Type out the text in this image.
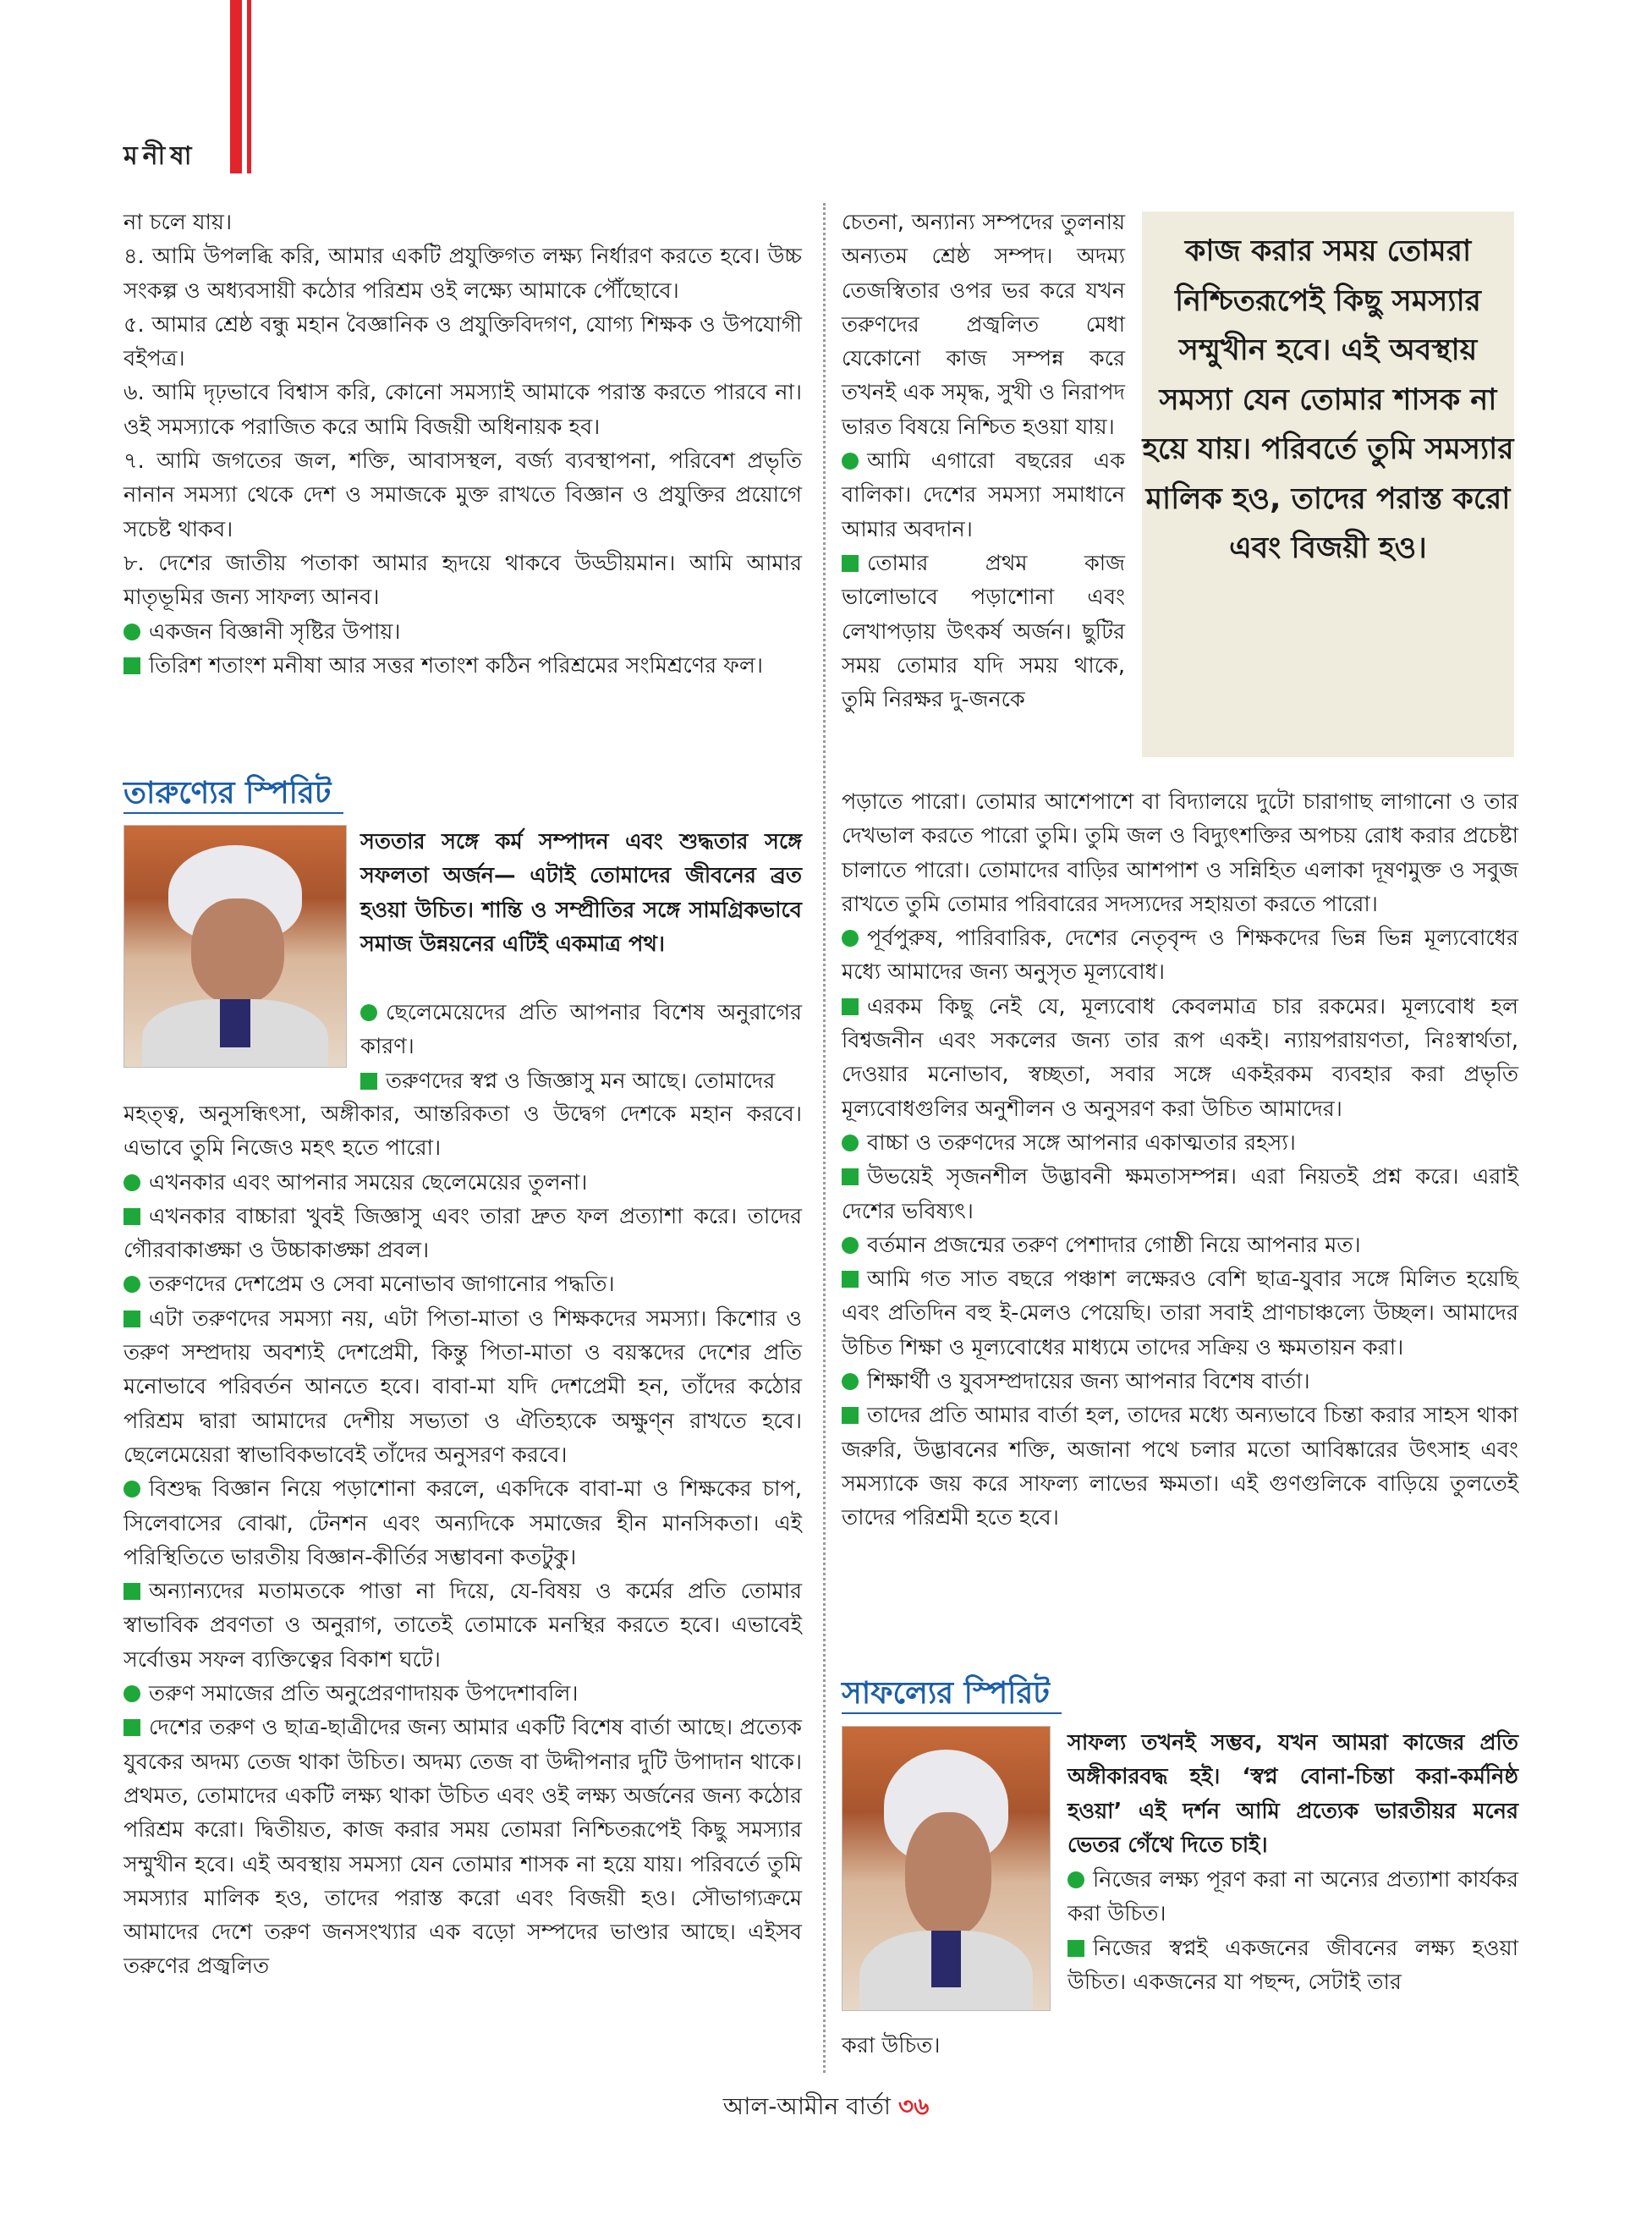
মনীষা

না চলে যায়।

৪. আমি উপলব্ধি করি, আমার একটি প্রযুক্তিগত লক্ষ্য নির্ধারণ করতে হবে। উচ্চ সংকল্প ও অধ্যবসায়ী কঠোর পরিশ্রম ওই লক্ষ্যে আমাকে পৌঁছোবে।

৫. আমার শ্রেষ্ঠ বন্ধু মহান বৈজ্ঞানিক ও প্রযুক্তিবিদগণ, যোগ্য শিক্ষক ও উপযোগী বইপত্র।

৬. আমি দৃঢ়ভাবে বিশ্বাস করি, কোনো সমস্যাই আমাকে পরাস্ত করতে পারবে না। ওই সমস্যাকে পরাজিত করে আমি বিজয়ী অধিনায়ক হব।

৭. আমি জগতের জল, শক্তি, আবাসস্থল, বর্জ্য ব্যবস্থাপনা, পরিবেশ প্রভৃতি নানান সমস্যা থেকে দেশ ও সমাজকে মুক্ত রাখতে বিজ্ঞান ও প্রযুক্তির প্রয়োগে সচেষ্ট থাকব।

৮. দেশের জাতীয় পতাকা আমার হৃদয়ে থাকবে উড্ডীয়মান। আমি আমার মাতৃভূমির জন্য সাফল্য আনব।

একজন বিজ্ঞানী সৃষ্টির উপায়।

তিরিশ শতাংশ মনীষা আর সত্তর শতাংশ কঠিন পরিশ্রমের সংমিশ্রণের ফল।

তারুণ্যের স্পিরিট
সততার সঙ্গে কর্ম সম্পাদন এবং শুদ্ধতার সঙ্গে সফলতা অর্জন— এটাই তোমাদের জীবনের ব্রত হওয়া উচিত। শান্তি ও সম্প্রীতির সঙ্গে সামগ্রিকভাবে সমাজ উন্নয়নের এটিই একমাত্র পথ।

ছেলেমেয়েদের প্রতি আপনার বিশেষ অনুরাগের কারণ।

তরুণদের স্বপ্ন ও জিজ্ঞাসু মন আছে। তোমাদের

মহত্ত্ব, অনুসন্ধিৎসা, অঙ্গীকার, আন্তরিকতা ও উদ্বেগ দেশকে মহান করবে। এভাবে তুমি নিজেও মহৎ হতে পারো।

এখনকার এবং আপনার সময়ের ছেলেমেয়ের তুলনা।

এখনকার বাচ্চারা খুবই জিজ্ঞাসু এবং তারা দ্রুত ফল প্রত্যাশা করে। তাদের গৌরবাকাঙ্ক্ষা ও উচ্চাকাঙ্ক্ষা প্রবল।

তরুণদের দেশপ্রেম ও সেবা মনোভাব জাগানোর পদ্ধতি।

এটা তরুণদের সমস্যা নয়, এটা পিতা-মাতা ও শিক্ষকদের সমস্যা। কিশোর ও তরুণ সম্প্রদায় অবশ্যই দেশপ্রেমী, কিন্তু পিতা-মাতা ও বয়স্কদের দেশের প্রতি মনোভাবে পরিবর্তন আনতে হবে। বাবা-মা যদি দেশপ্রেমী হন, তাঁদের কঠোর পরিশ্রম দ্বারা আমাদের দেশীয় সভ্যতা ও ঐতিহ্যকে অক্ষুণ্ন রাখতে হবে। ছেলেমেয়েরা স্বাভাবিকভাবেই তাঁদের অনুসরণ করবে।

বিশুদ্ধ বিজ্ঞান নিয়ে পড়াশোনা করলে, একদিকে বাবা-মা ও শিক্ষকের চাপ, সিলেবাসের বোঝা, টেনশন এবং অন্যদিকে সমাজের হীন মানসিকতা। এই পরিস্থিতিতে ভারতীয় বিজ্ঞান-কীর্তির সম্ভাবনা কতটুকু।

অন্যান্যদের মতামতকে পাত্তা না দিয়ে, যে-বিষয় ও কর্মের প্রতি তোমার স্বাভাবিক প্রবণতা ও অনুরাগ, তাতেই তোমাকে মনস্থির করতে হবে। এভাবেই সর্বোত্তম সফল ব্যক্তিত্বের বিকাশ ঘটে।

তরুণ সমাজের প্রতি অনুপ্রেরণাদায়ক উপদেশাবলি।

দেশের তরুণ ও ছাত্র-ছাত্রীদের জন্য আমার একটি বিশেষ বার্তা আছে। প্রত্যেক যুবকের অদম্য তেজ থাকা উচিত। অদম্য তেজ বা উদ্দীপনার দুটি উপাদান থাকে। প্রথমত, তোমাদের একটি লক্ষ্য থাকা উচিত এবং ওই লক্ষ্য অর্জনের জন্য কঠোর পরিশ্রম করো। দ্বিতীয়ত, কাজ করার সময় তোমরা নিশ্চিতরূপেই কিছু সমস্যার সম্মুখীন হবে। এই অবস্থায় সমস্যা যেন তোমার শাসক না হয়ে যায়। পরিবর্তে তুমি সমস্যার মালিক হও, তাদের পরাস্ত করো এবং বিজয়ী হও। সৌভাগ্যক্রমে আমাদের দেশে তরুণ জনসংখ্যার এক বড়ো সম্পদের ভাণ্ডার আছে। এইসব তরুণের প্রজ্বলিত

চেতনা, অন্যান্য সম্পদের তুলনায় অন্যতম শ্রেষ্ঠ সম্পদ। অদম্য তেজস্বিতার ওপর ভর করে যখন তরুণদের প্রজ্বলিত মেধা যেকোনো কাজ সম্পন্ন করে তখনই এক সমৃদ্ধ, সুখী ও নিরাপদ ভারত বিষয়ে নিশ্চিত হওয়া যায়।

আমি এগারো বছরের এক বালিকা। দেশের সমস্যা সমাধানে আমার অবদান।

তোমার প্রথম কাজ ভালোভাবে পড়াশোনা এবং লেখাপড়ায় উৎকর্ষ অর্জন। ছুটির সময় তোমার যদি সময় থাকে, তুমি নিরক্ষর দু-জনকে

কাজ করার সময় তোমরা নিশ্চিতরূপেই কিছু সমস্যার সম্মুখীন হবে। এই অবস্থায় সমস্যা যেন তোমার শাসক না হয়ে যায়। পরিবর্তে তুমি সমস্যার মালিক হও, তাদের পরাস্ত করো এবং বিজয়ী হও।

পড়াতে পারো। তোমার আশেপাশে বা বিদ্যালয়ে দুটো চারাগাছ লাগানো ও তার দেখভাল করতে পারো তুমি। তুমি জল ও বিদ্যুৎশক্তির অপচয় রোধ করার প্রচেষ্টা চালাতে পারো। তোমাদের বাড়ির আশপাশ ও সন্নিহিত এলাকা দূষণমুক্ত ও সবুজ রাখতে তুমি তোমার পরিবারের সদস্যদের সহায়তা করতে পারো।

পূর্বপুরুষ, পারিবারিক, দেশের নেতৃবৃন্দ ও শিক্ষকদের ভিন্ন ভিন্ন মূল্যবোধের মধ্যে আমাদের জন্য অনুসৃত মূল্যবোধ।

এরকম কিছু নেই যে, মূল্যবোধ কেবলমাত্র চার রকমের। মূল্যবোধ হল বিশ্বজনীন এবং সকলের জন্য তার রূপ একই। ন্যায়পরায়ণতা, নিঃস্বার্থতা, দেওয়ার মনোভাব, স্বচ্ছতা, সবার সঙ্গে একইরকম ব্যবহার করা প্রভৃতি মূল্যবোধগুলির অনুশীলন ও অনুসরণ করা উচিত আমাদের।

বাচ্চা ও তরুণদের সঙ্গে আপনার একাত্মতার রহস্য।

উভয়েই সৃজনশীল উদ্ভাবনী ক্ষমতাসম্পন্ন। এরা নিয়তই প্রশ্ন করে। এরাই দেশের ভবিষ্যৎ।

বর্তমান প্রজন্মের তরুণ পেশাদার গোষ্ঠী নিয়ে আপনার মত।

আমি গত সাত বছরে পঞ্চাশ লক্ষেরও বেশি ছাত্র-যুবার সঙ্গে মিলিত হয়েছি এবং প্রতিদিন বহু ই-মেলও পেয়েছি। তারা সবাই প্রাণচাঞ্চল্যে উচ্ছল। আমাদের উচিত শিক্ষা ও মূল্যবোধের মাধ্যমে তাদের সক্রিয় ও ক্ষমতায়ন করা।

শিক্ষার্থী ও যুবসম্প্রদায়ের জন্য আপনার বিশেষ বার্তা।

তাদের প্রতি আমার বার্তা হল, তাদের মধ্যে অন্যভাবে চিন্তা করার সাহস থাকা জরুরি, উদ্ভাবনের শক্তি, অজানা পথে চলার মতো আবিষ্কারের উৎসাহ এবং সমস্যাকে জয় করে সাফল্য লাভের ক্ষমতা। এই গুণগুলিকে বাড়িয়ে তুলতেই তাদের পরিশ্রমী হতে হবে।

সাফল্যের স্পিরিট
সাফল্য তখনই সম্ভব, যখন আমরা কাজের প্রতি অঙ্গীকারবদ্ধ হই। ‘স্বপ্ন বোনা-চিন্তা করা-কর্মনিষ্ঠ হওয়া’ এই দর্শন আমি প্রত্যেক ভারতীয়র মনের ভেতর গেঁথে দিতে চাই।

নিজের লক্ষ্য পূরণ করা না অন্যের প্রত্যাশা কার্যকর করা উচিত।

নিজের স্বপ্নই একজনের জীবনের লক্ষ্য হওয়া উচিত। একজনের যা পছন্দ, সেটাই তার

করা উচিত।
আল-আমীন বার্তা ৩৬
